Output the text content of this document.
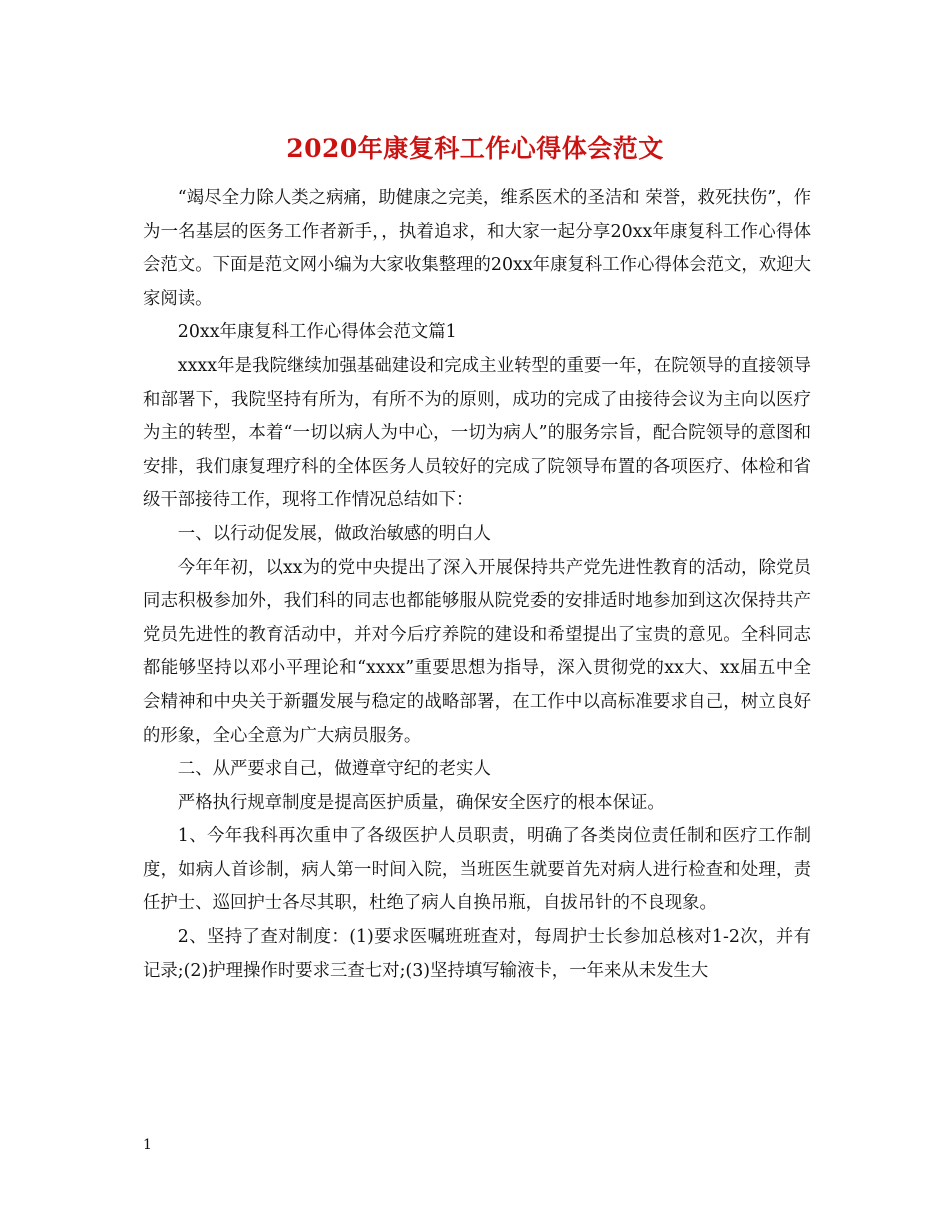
2020年康复科工作心得体会范文

“竭尽全力除人类之病痛，助健康之完美，维系医术的圣洁和 荣誉，救死扶伤”，作为一名基层的医务工作者新手，，执着追求，和大家一起分享20xx年康复科工作心得体会范文。下面是范文网小编为大家收集整理的20xx年康复科工作心得体会范文，欢迎大家阅读。

20xx年康复科工作心得体会范文篇1

xxxx年是我院继续加强基础建设和完成主业转型的重要一年，在院领导的直接领导和部署下，我院坚持有所为，有所不为的原则，成功的完成了由接待会议为主向以医疗为主的转型，本着“一切以病人为中心，一切为病人”的服务宗旨，配合院领导的意图和安排，我们康复理疗科的全体医务人员较好的完成了院领导布置的各项医疗、体检和省级干部接待工作，现将工作情况总结如下：

一、以行动促发展，做政治敏感的明白人

今年年初，以xx为的党中央提出了深入开展保持共产党先进性教育的活动，除党员同志积极参加外，我们科的同志也都能够服从院党委的安排适时地参加到这次保持共产党员先进性的教育活动中，并对今后疗养院的建设和希望提出了宝贵的意见。全科同志都能够坚持以邓小平理论和“xxxx”重要思想为指导，深入贯彻党的xx大、xx届五中全会精神和中央关于新疆发展与稳定的战略部署，在工作中以高标准要求自己，树立良好的形象，全心全意为广大病员服务。

二、从严要求自己，做遵章守纪的老实人

严格执行规章制度是提高医护质量，确保安全医疗的根本保证。

1、今年我科再次重申了各级医护人员职责，明确了各类岗位责任制和医疗工作制度，如病人首诊制，病人第一时间入院，当班医生就要首先对病人进行检查和处理，责任护士、巡回护士各尽其职，杜绝了病人自换吊瓶，自拔吊针的不良现象。

2、坚持了查对制度：(1)要求医嘱班班查对，每周护士长参加总核对1-2次，并有记录;(2)护理操作时要求三查七对;(3)坚持填写输液卡，一年来从未发生大

1
